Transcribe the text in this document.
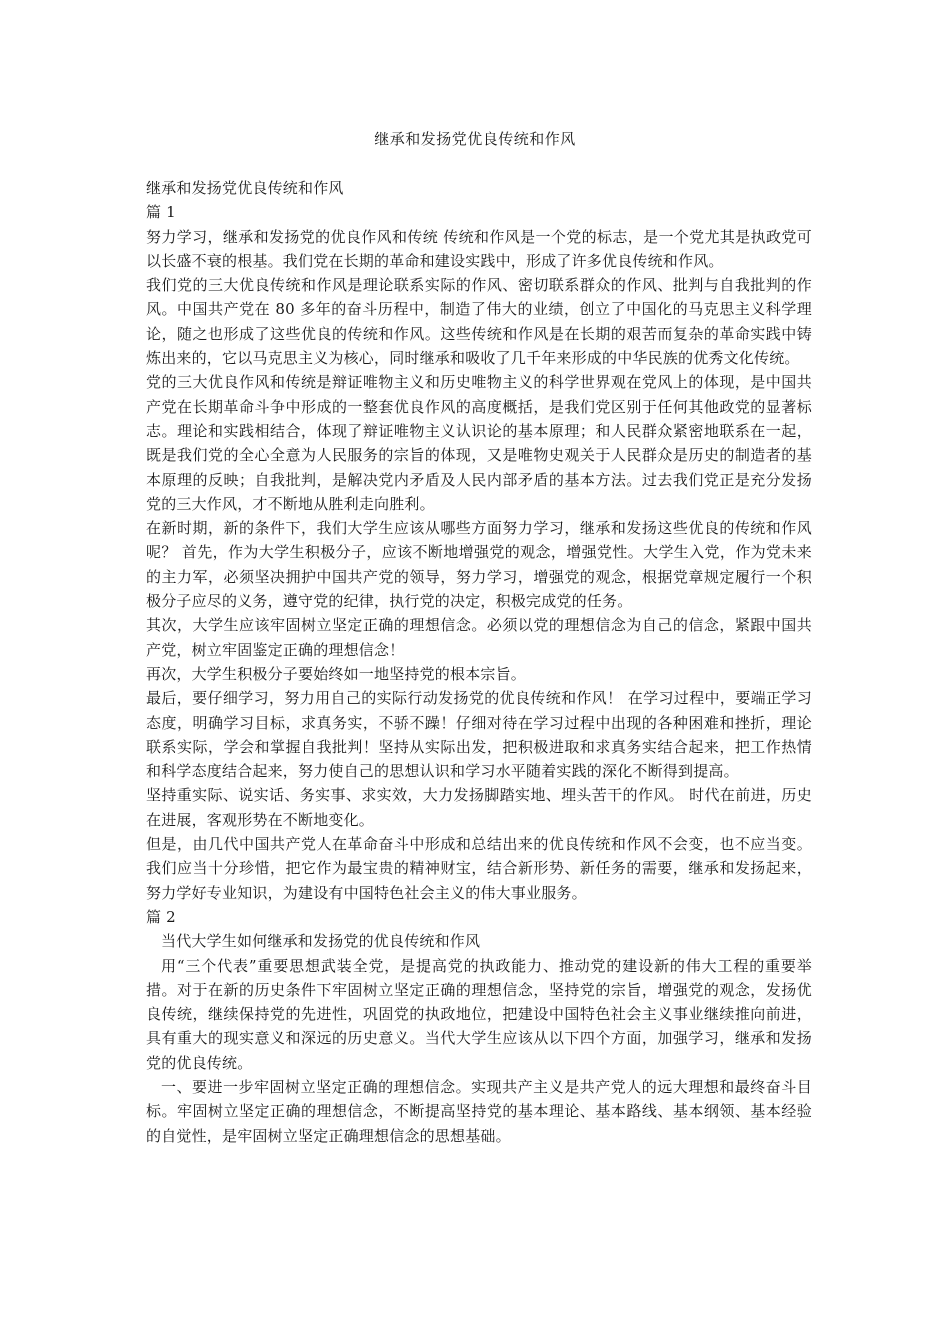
继承和发扬党优良传统和作风

继承和发扬党优良传统和作风

篇 1

努力学习，继承和发扬党的优良作风和传统 传统和作风是一个党的标志，是一个党尤其是执政党可以长盛不衰的根基。我们党在长期的革命和建设实践中，形成了许多优良传统和作风。

我们党的三大优良传统和作风是理论联系实际的作风、密切联系群众的作风、批判与自我批判的作风。中国共产党在 80 多年的奋斗历程中，制造了伟大的业绩，创立了中国化的马克思主义科学理论，随之也形成了这些优良的传统和作风。这些传统和作风是在长期的艰苦而复杂的革命实践中铸炼出来的，它以马克思主义为核心，同时继承和吸收了几千年来形成的中华民族的优秀文化传统。

党的三大优良作风和传统是辩证唯物主义和历史唯物主义的科学世界观在党风上的体现，是中国共产党在长期革命斗争中形成的一整套优良作风的高度概括，是我们党区别于任何其他政党的显著标志。理论和实践相结合，体现了辩证唯物主义认识论的基本原理；和人民群众紧密地联系在一起，既是我们党的全心全意为人民服务的宗旨的体现，又是唯物史观关于人民群众是历史的制造者的基本原理的反映；自我批判，是解决党内矛盾及人民内部矛盾的基本方法。过去我们党正是充分发扬党的三大作风，才不断地从胜利走向胜利。

在新时期，新的条件下，我们大学生应该从哪些方面努力学习，继承和发扬这些优良的传统和作风呢？ 首先，作为大学生积极分子，应该不断地增强党的观念，增强党性。大学生入党，作为党未来的主力军，必须坚决拥护中国共产党的领导，努力学习，增强党的观念，根据党章规定履行一个积极分子应尽的义务，遵守党的纪律，执行党的决定，积极完成党的任务。

其次，大学生应该牢固树立坚定正确的理想信念。必须以党的理想信念为自己的信念，紧跟中国共产党，树立牢固鉴定正确的理想信念！

再次，大学生积极分子要始终如一地坚持党的根本宗旨。

最后，要仔细学习，努力用自己的实际行动发扬党的优良传统和作风！ 在学习过程中，要端正学习态度，明确学习目标，求真务实，不骄不躁！仔细对待在学习过程中出现的各种困难和挫折，理论联系实际，学会和掌握自我批判！坚持从实际出发，把积极进取和求真务实结合起来，把工作热情和科学态度结合起来，努力使自己的思想认识和学习水平随着实践的深化不断得到提高。

坚持重实际、说实话、务实事、求实效，大力发扬脚踏实地、埋头苦干的作风。 时代在前进，历史在进展，客观形势在不断地变化。

但是，由几代中国共产党人在革命奋斗中形成和总结出来的优良传统和作风不会变，也不应当变。我们应当十分珍惜，把它作为最宝贵的精神财宝，结合新形势、新任务的需要，继承和发扬起来，努力学好专业知识，为建设有中国特色社会主义的伟大事业服务。

篇 2

当代大学生如何继承和发扬党的优良传统和作风

用“三个代表”重要思想武装全党，是提高党的执政能力、推动党的建设新的伟大工程的重要举措。对于在新的历史条件下牢固树立坚定正确的理想信念，坚持党的宗旨，增强党的观念，发扬优良传统，继续保持党的先进性，巩固党的执政地位，把建设中国特色社会主义事业继续推向前进，具有重大的现实意义和深远的历史意义。当代大学生应该从以下四个方面，加强学习，继承和发扬党的优良传统。

一、要进一步牢固树立坚定正确的理想信念。实现共产主义是共产党人的远大理想和最终奋斗目标。牢固树立坚定正确的理想信念，不断提高坚持党的基本理论、基本路线、基本纲领、基本经验的自觉性，是牢固树立坚定正确理想信念的思想基础。
